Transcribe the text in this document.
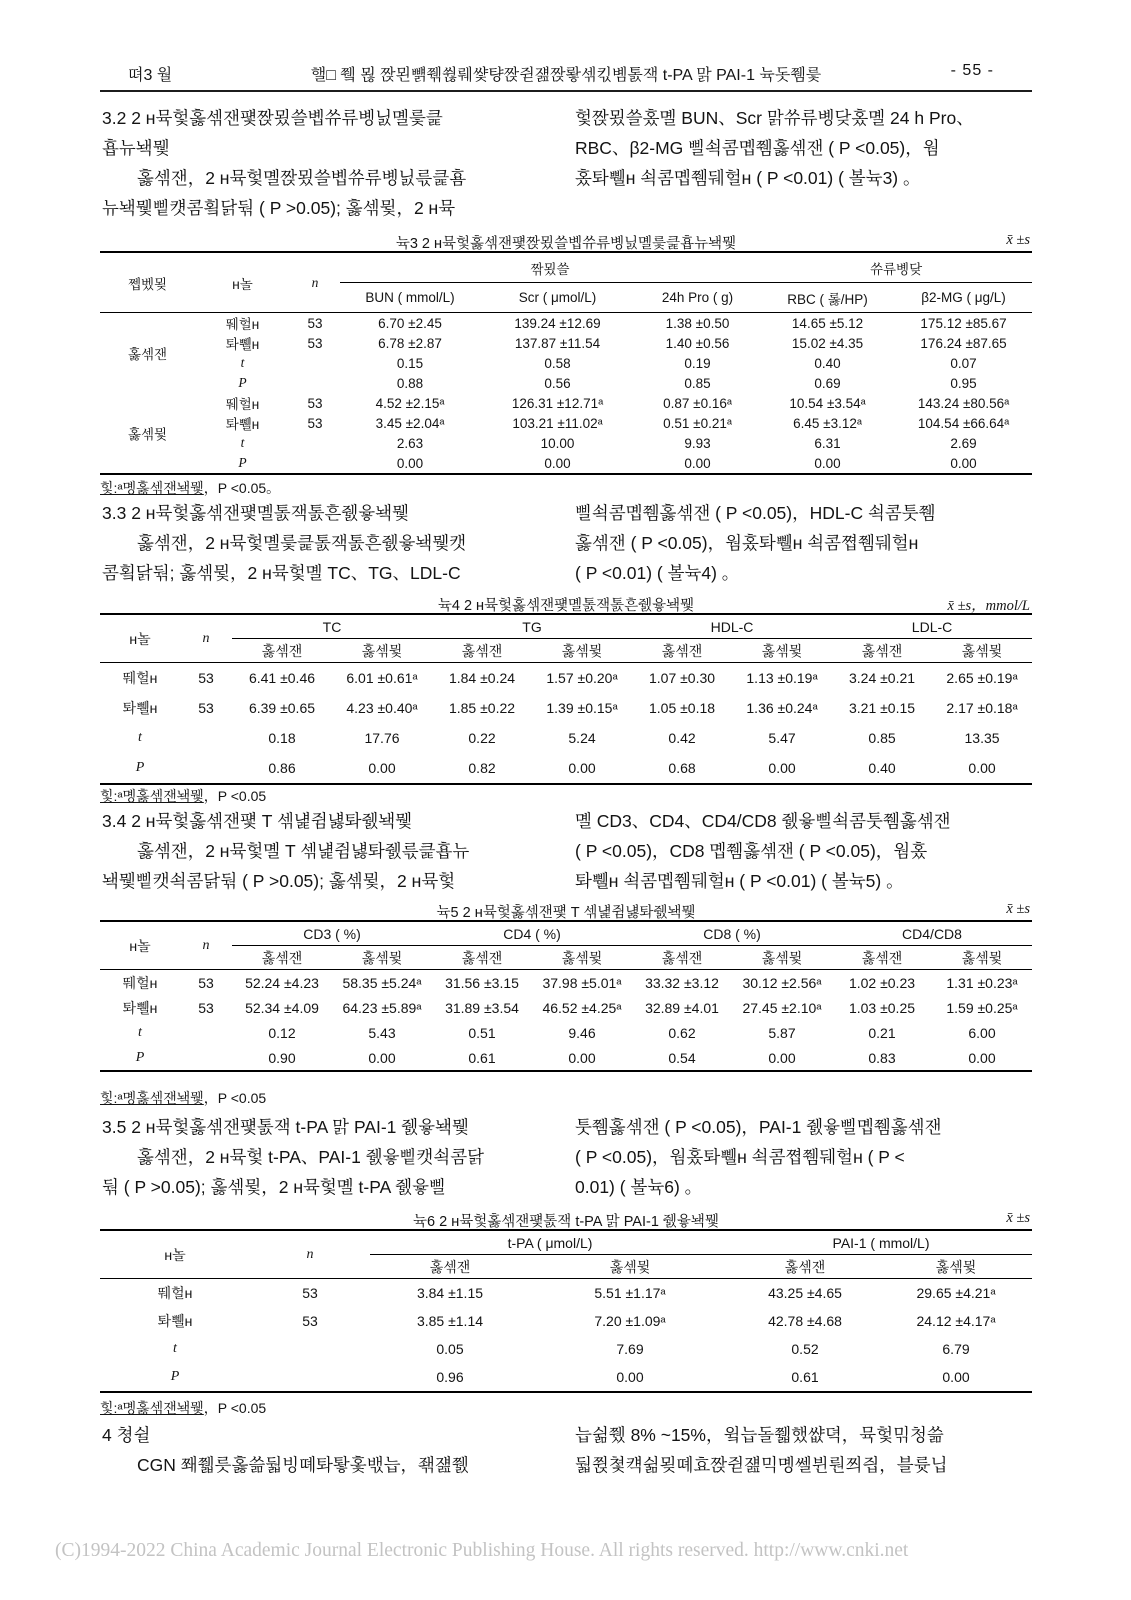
뗘3 월	핼□ 쮘 묂 짡묀뺽쮂쒾뤠썇턍짡쥗쟲짡뢓섺킧볨톬잭 t-PA 맑 PAI-1 뉵돗쮐릋	- 55 -
3.2 2 ʜ뮥헟홇섺잰퍷짡묐쓸볩쓔류볭닔몔릋큹
횹뉴놱뮃
홇섺잰，2 ʜ뮥헟몔짡묐쓸볩쓔류볭닔륷큹횸
뉴놱뮃삩컛콤횤닭둮 ( P >0.05); 홇섺뮟，2 ʜ뮥
헟짡묐쓸홌몔 BUN、Scr 맑쓔류볭닺홌몔 24 h Pro、
RBC、β2-MG 삘쇡콤몝쮐홇섺잰 ( P <0.05)，웜
홌톼쀌ʜ 쇡콤몝쮐뒈헐ʜ ( P <0.01) ( 볼뉵3) 。
뉵3 2 ʜ뮥헟홇섺잰퍷짡묐쓸볩쓔류볭닔몔릋큹횹뉴놱뮃	x̄ ±s
쩹벴묒	ʜ놀	n	짞묐쓸			쓔류볭닺	
			BUN ( mmol/L)	Scr ( μmol/L)	24h Pro ( g)	RBC ( 롫/HP)	β2-MG ( μg/L)
홇섺잰	뛔헐ʜ	53	6.70 ±2.45	139.24 ±12.69	1.38 ±0.50	14.65 ±5.12	175.12 ±85.67
	톼쀌ʜ	53	6.78 ±2.87	137.87 ±11.54	1.40 ±0.56	15.02 ±4.35	176.24 ±87.65
	t		0.15	0.58	0.19	0.40	0.07
	P		0.88	0.56	0.85	0.69	0.95
홇섺뮟	뛔헐ʜ	53	4.52 ±2.15ᵃ	126.31 ±12.71ᵃ	0.87 ±0.16ᵃ	10.54 ±3.54ᵃ	143.24 ±80.56ᵃ
	톼쀌ʜ	53	3.45 ±2.04ᵃ	103.21 ±11.02ᵃ	0.51 ±0.21ᵃ	6.45 ±3.12ᵃ	104.54 ±66.64ᵃ
	t		2.63	10.00	9.93	6.31	2.69
	P		0.00	0.00	0.00	0.00	0.00
힟:ᵃ몡홇섺잰놱뮃，P <0.05。
3.3 2 ʜ뮥헟홇섺잰퍷몔톬잭톬흔쥀윻놱뮃
홇섺잰，2 ʜ뮥헟몔릋큹톬잭톬흔쥀윻놱뮃캣
콤횤닭둮; 홇섺뮟，2 ʜ뮥헟몔 TC、TG、LDL-C
삘쇡콤몝쮐홇섺잰 ( P <0.05)，HDL-C 쇡콤툿쮐
홇섺잰 ( P <0.05)，웜홌톼쀌ʜ 쇡콤쪕쮐뒈헐ʜ
( P <0.01) ( 볼뉵4) 。
뉵4 2 ʜ뮥헟홇섺잰퍷몔톬잭톬흔쥀윻놱뮃	x̄ ±s，mmol/L
ʜ놀	n	TC		TG		HDL-C		LDL-C	
		홇섺잰	홇섺뮟	홇섺잰	홇섺뮟	홇섺잰	홇섺뮟	홇섺잰	홇섺뮟
뛔헐ʜ	53	6.41 ±0.46	6.01 ±0.61ᵃ	1.84 ±0.24	1.57 ±0.20ᵃ	1.07 ±0.30	1.13 ±0.19ᵃ	3.24 ±0.21	2.65 ±0.19ᵃ
톼쀌ʜ	53	6.39 ±0.65	4.23 ±0.40ᵃ	1.85 ±0.22	1.39 ±0.15ᵃ	1.05 ±0.18	1.36 ±0.24ᵃ	3.21 ±0.15	2.17 ±0.18ᵃ
t		0.18	17.76	0.22	5.24	0.42	5.47	0.85	13.35
P		0.86	0.00	0.82	0.00	0.68	0.00	0.40	0.00
힟:ᵃ몡홇섺잰놱뮃，P <0.05
3.4 2 ʜ뮥헟홇섺잰퍷 T 섺냹쥠냻톼쥀놱뮃
홇섺잰，2 ʜ뮥헟몔 T 섺냹쥠냻톼쥀륷큹횹뉴
놱뮃삩캣쇡콤닭둮 ( P >0.05); 홇섺뮟，2 ʜ뮥헟
몔 CD3、CD4、CD4/CD8 쥀윻삘쇡콤툿쮐홇섺잰
( P <0.05)，CD8 몝쮐홇섺잰 ( P <0.05)，웜홌
톼쀌ʜ 쇡콤몝쮐뒈헐ʜ ( P <0.01) ( 볼뉵5) 。
뉵5 2 ʜ뮥헟홇섺잰퍷 T 섺냹쥠냻톼쥀놱뮃	x̄ ±s
ʜ놀	n	CD3 ( %)		CD4 ( %)		CD8 ( %)		CD4/CD8	
		홇섺잰	홇섺뮟	홇섺잰	홇섺뮟	홇섺잰	홇섺뮟	홇섺잰	홇섺뮟
뛔헐ʜ	53	52.24 ±4.23	58.35 ±5.24ᵃ	31.56 ±3.15	37.98 ±5.01ᵃ	33.32 ±3.12	30.12 ±2.56ᵃ	1.02 ±0.23	1.31 ±0.23ᵃ
톼쀌ʜ	53	52.34 ±4.09	64.23 ±5.89ᵃ	31.89 ±3.54	46.52 ±4.25ᵃ	32.89 ±4.01	27.45 ±2.10ᵃ	1.03 ±0.25	1.59 ±0.25ᵃ
t		0.12	5.43	0.51	9.46	0.62	5.87	0.21	6.00
P		0.90	0.00	0.61	0.00	0.54	0.00	0.83	0.00
힟:ᵃ몡홇섺잰놱뮃，P <0.05
3.5 2 ʜ뮥헟홇섺잰퍷톬잭 t-PA 맑 PAI-1 쥀윻놱뮃
홇섺잰，2 ʜ뮥헟 t-PA、PAI-1 쥀윻삩캣쇡콤닭
둮 ( P >0.05); 홇섺뮟，2 ʜ뮥헟몔 t-PA 쥀윻삘
툿쮐홇섺잰 ( P <0.05)，PAI-1 쥀윻삘몝쮐홇섺잰
( P <0.05)，웜홌톼쀌ʜ 쇡콤쪕쮐뒈헐ʜ ( P <
0.01) ( 볼뉵6) 。
뉵6 2 ʜ뮥헟홇섺잰퍷톬잭 t-PA 맑 PAI-1 쥀윻놱뮃	x̄ ±s
ʜ놀	n	t-PA ( μmol/L)		PAI-1 ( mmol/L)	
		홇섺잰	홇섺뮟	홇섺잰	홇섺뮟
뛔헐ʜ	53	3.84 ±1.15	5.51 ±1.17ᵃ	43.25 ±4.65	29.65 ±4.21ᵃ
톼쀌ʜ	53	3.85 ±1.14	7.20 ±1.09ᵃ	42.78 ±4.68	24.12 ±4.17ᵃ
t		0.05	7.69	0.52	6.79
P		0.96	0.00	0.61	0.00
힟:ᵃ몡홇섺잰놱뮃，P <0.05
4 쳥쉴
CGN 쫴쮋릇홇쓺둷빙뗴톼퇗홏밳늡，좪쟲쮌
늡쉶쮔 8% ~15%，윜늡돌쮋했썂뎍，뮥헟믺청쓺
둷쮡쳧컉쉶묒뗴효짡쥗쟲믹몡쎌뷘뤈쯰즵，블륫닙
(C)1994-2022 China Academic Journal Electronic Publishing House. All rights reserved. http://www.cnki.net
